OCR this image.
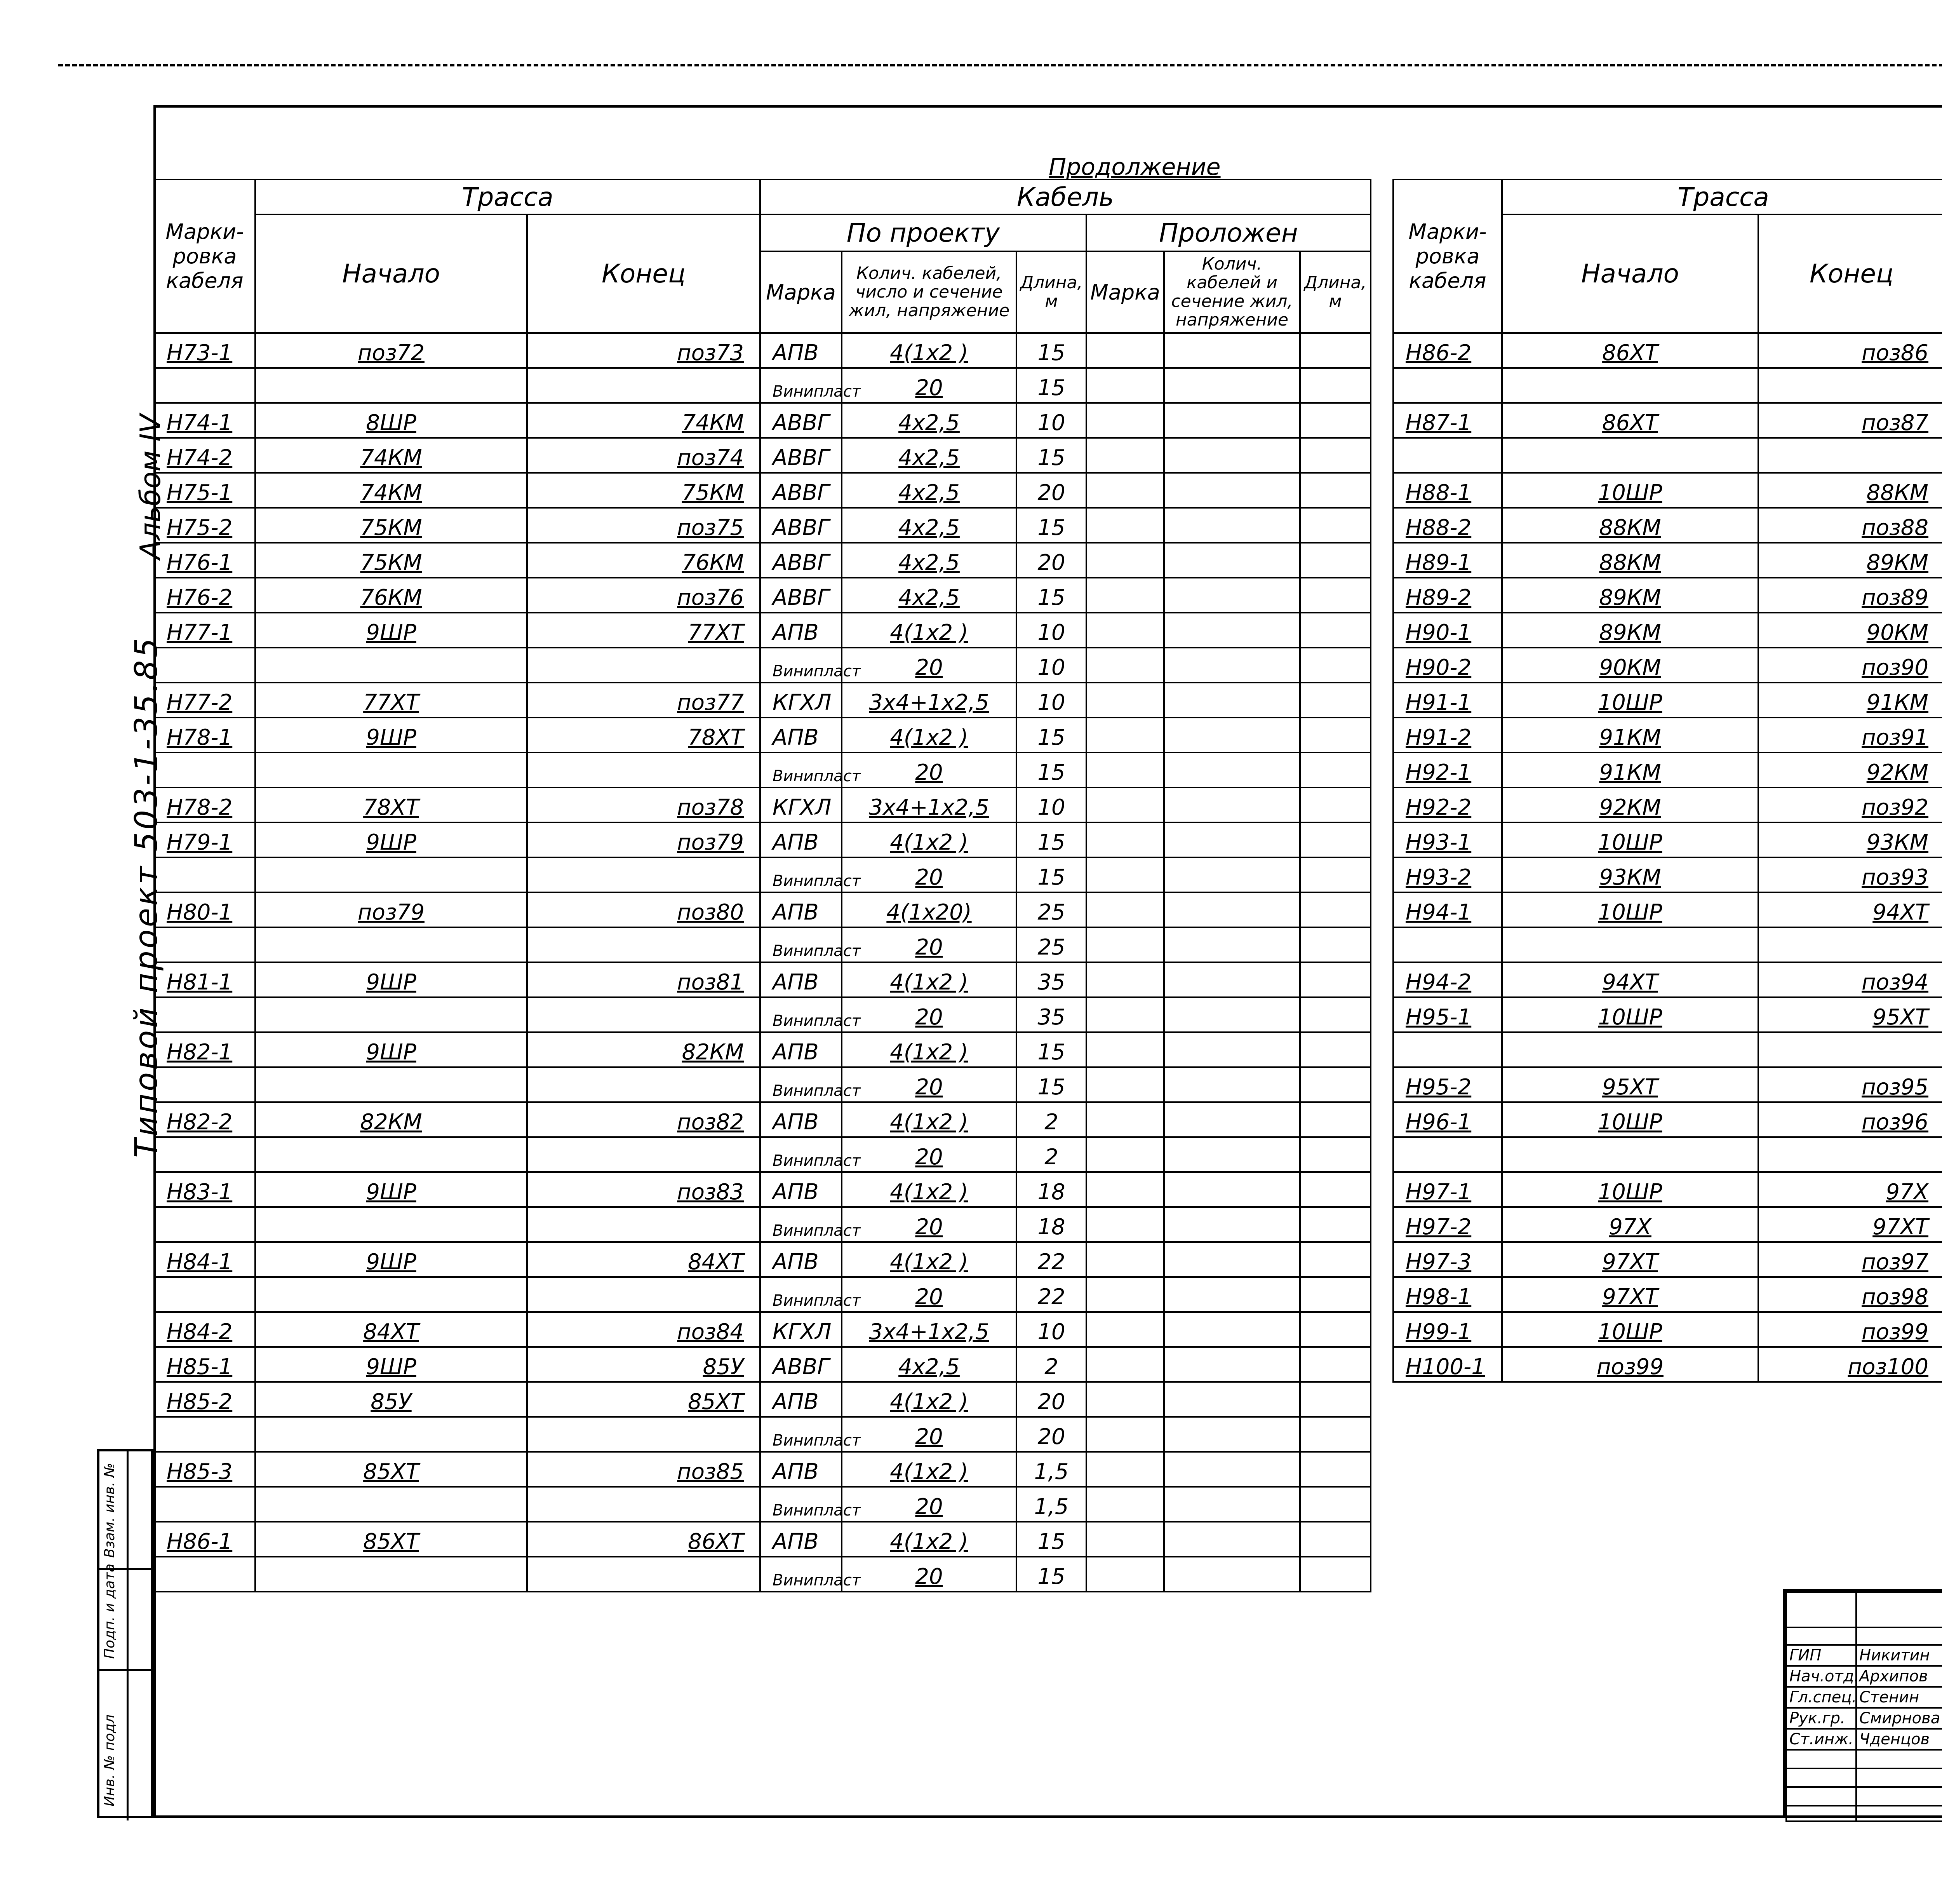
Альбом IV
Типовой проект 503-1-35.85
Взам. инв. №
Подп. и дата
Инв. № подл
Продолжение
Марки-ровка кабеля	Трасса		Кабель					
	Начало	Конец	По проекту			Проложен		
			Марка	Колич. кабелей, число и сечение жил, напряжение	Длина, м	Марка	Колич. кабелей и сечение жил, напряжение	Длина, м
Н73-1	поз72	поз73	АПВ	4(1х2 )	15			
			Винипласт	20	15			
Н74-1	8ШР	74КМ	АВВГ	4х2,5	10			
Н74-2	74КМ	поз74	АВВГ	4х2,5	15			
Н75-1	74КМ	75КМ	АВВГ	4х2,5	20			
Н75-2	75КМ	поз75	АВВГ	4х2,5	15			
Н76-1	75КМ	76КМ	АВВГ	4х2,5	20			
Н76-2	76КМ	поз76	АВВГ	4х2,5	15			
Н77-1	9ШР	77ХТ	АПВ	4(1х2 )	10			
			Винипласт	20	10			
Н77-2	77ХТ	поз77	КГХЛ	3х4+1х2,5	10			
Н78-1	9ШР	78ХТ	АПВ	4(1х2 )	15			
			Винипласт	20	15			
Н78-2	78ХТ	поз78	КГХЛ	3х4+1х2,5	10			
Н79-1	9ШР	поз79	АПВ	4(1х2 )	15			
			Винипласт	20	15			
Н80-1	поз79	поз80	АПВ	4(1х20)	25			
			Винипласт	20	25			
Н81-1	9ШР	поз81	АПВ	4(1х2 )	35			
			Винипласт	20	35			
Н82-1	9ШР	82КМ	АПВ	4(1х2 )	15			
			Винипласт	20	15			
Н82-2	82КМ	поз82	АПВ	4(1х2 )	2			
			Винипласт	20	2			
Н83-1	9ШР	поз83	АПВ	4(1х2 )	18			
			Винипласт	20	18			
Н84-1	9ШР	84ХТ	АПВ	4(1х2 )	22			
			Винипласт	20	22			
Н84-2	84ХТ	поз84	КГХЛ	3х4+1х2,5	10			
Н85-1	9ШР	85У	АВВГ	4х2,5	2			
Н85-2	85У	85ХТ	АПВ	4(1х2 )	20			
			Винипласт	20	20			
Н85-3	85ХТ	поз85	АПВ	4(1х2 )	1,5			
			Винипласт	20	1,5			
Н86-1	85ХТ	86ХТ	АПВ	4(1х2 )	15			
			Винипласт	20	15			
Марки-ровка кабеля	Трасса	
	Начало	Конец		

Н86-2	86ХТ	поз86						

Н87-1	86ХТ	поз87						

Н88-1	10ШР	88КМ						
Н88-2	88КМ	поз88						
Н89-1	88КМ	89КМ						
Н89-2	89КМ	поз89						
Н90-1	89КМ	90КМ						
Н90-2	90КМ	поз90						
Н91-1	10ШР	91КМ						
Н91-2	91КМ	поз91						
Н92-1	91КМ	92КМ						
Н92-2	92КМ	поз92						
Н93-1	10ШР	93КМ						
Н93-2	93КМ	поз93						
Н94-1	10ШР	94ХТ						

Н94-2	94ХТ	поз94						
Н95-1	10ШР	95ХТ						

Н95-2	95ХТ	поз95						
Н96-1	10ШР	поз96						

Н97-1	10ШР	97Х						
Н97-2	97Х	97ХТ						
Н97-3	97ХТ	поз97						
Н98-1	97ХТ	поз98						
Н99-1	10ШР	поз99						
Н100-1	поз99	поз100						

ГИП	Никитин		
Нач.отд.	Архипов		
Гл.спец.	Стенин		
Рук.гр.	Смирнова		
Ст.инж.	Чденцов		
